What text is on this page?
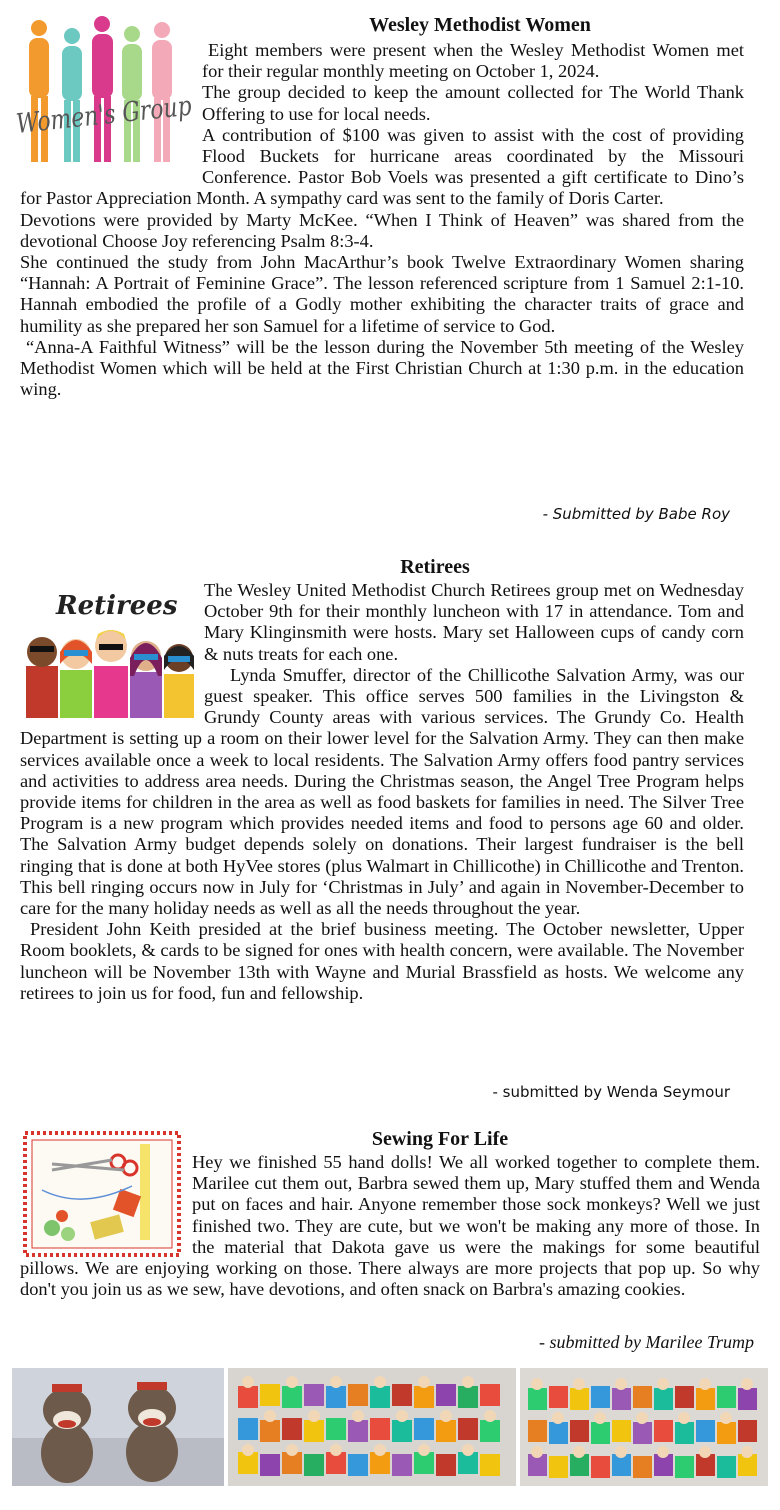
Wesley Methodist Women
Women's Group

Eight members were present when the Wesley Methodist Women met for their regular monthly meeting on October 1, 2024.

The group decided to keep the amount collected for The World Thank Offering to use for local needs.

A contribution of $100 was given to assist with the cost of providing Flood Buckets for hurricane areas coordinated by the Missouri Conference. Pastor Bob Voels was presented a gift certificate to Dino’s for Pastor Appreciation Month. A sympathy card was sent to the family of Doris Carter.

Devotions were provided by Marty McKee. “When I Think of Heaven” was shared from the devotional Choose Joy referencing Psalm 8:3-4.

She continued the study from John MacArthur’s book Twelve Extraordinary Women sharing “Hannah: A Portrait of Feminine Grace”. The lesson referenced scripture from 1 Samuel 2:1-10. Hannah embodied the profile of a Godly mother exhibiting the character traits of grace and humility as she prepared her son Samuel for a lifetime of service to God.

“Anna-A Faithful Witness” will be the lesson during the November 5th meeting of the Wesley Methodist Women which will be held at the First Christian Church at 1:30 p.m. in the education wing.

- Submitted by Babe Roy
Retirees
Retirees

The Wesley United Methodist Church Retirees group met on Wednesday October 9th for their monthly luncheon with 17 in attendance. Tom and Mary Klinginsmith were hosts. Mary set Halloween cups of candy corn & nuts treats for each one.

Lynda Smuffer, director of the Chillicothe Salvation Army, was our guest speaker. This office serves 500 families in the Livingston & Grundy County areas with various services. The Grundy Co. Health Department is setting up a room on their lower level for the Salvation Army. They can then make services available once a week to local residents. The Salvation Army offers food pantry services and activities to address area needs. During the Christmas season, the Angel Tree Program helps provide items for children in the area as well as food baskets for families in need. The Silver Tree Program is a new program which provides needed items and food to persons age 60 and older. The Salvation Army budget depends solely on donations. Their largest fundraiser is the bell ringing that is done at both HyVee stores (plus Walmart in Chillicothe) in Chillicothe and Trenton. This bell ringing occurs now in July for ‘Christmas in July’ and again in November-December to care for the many holiday needs as well as all the needs throughout the year.

President John Keith presided at the brief business meeting. The October newsletter, Upper Room booklets, & cards to be signed for ones with health concern, were available. The November luncheon will be November 13th with Wayne and Murial Brassfield as hosts. We welcome any retirees to join us for food, fun and fellowship.

- submitted by Wenda Seymour
Sewing For Life

Hey we finished 55 hand dolls! We all worked together to complete them. Marilee cut them out, Barbra sewed them up, Mary stuffed them and Wenda put on faces and hair. Anyone remember those sock monkeys? Well we just finished two. They are cute, but we won't be making any more of those. In the material that Dakota gave us were the makings for some beautiful pillows. We are enjoying working on those. There always are more projects that pop up. So why don't you join us as we sew, have devotions, and often snack on Barbra's amazing cookies.

- submitted by Marilee Trump
